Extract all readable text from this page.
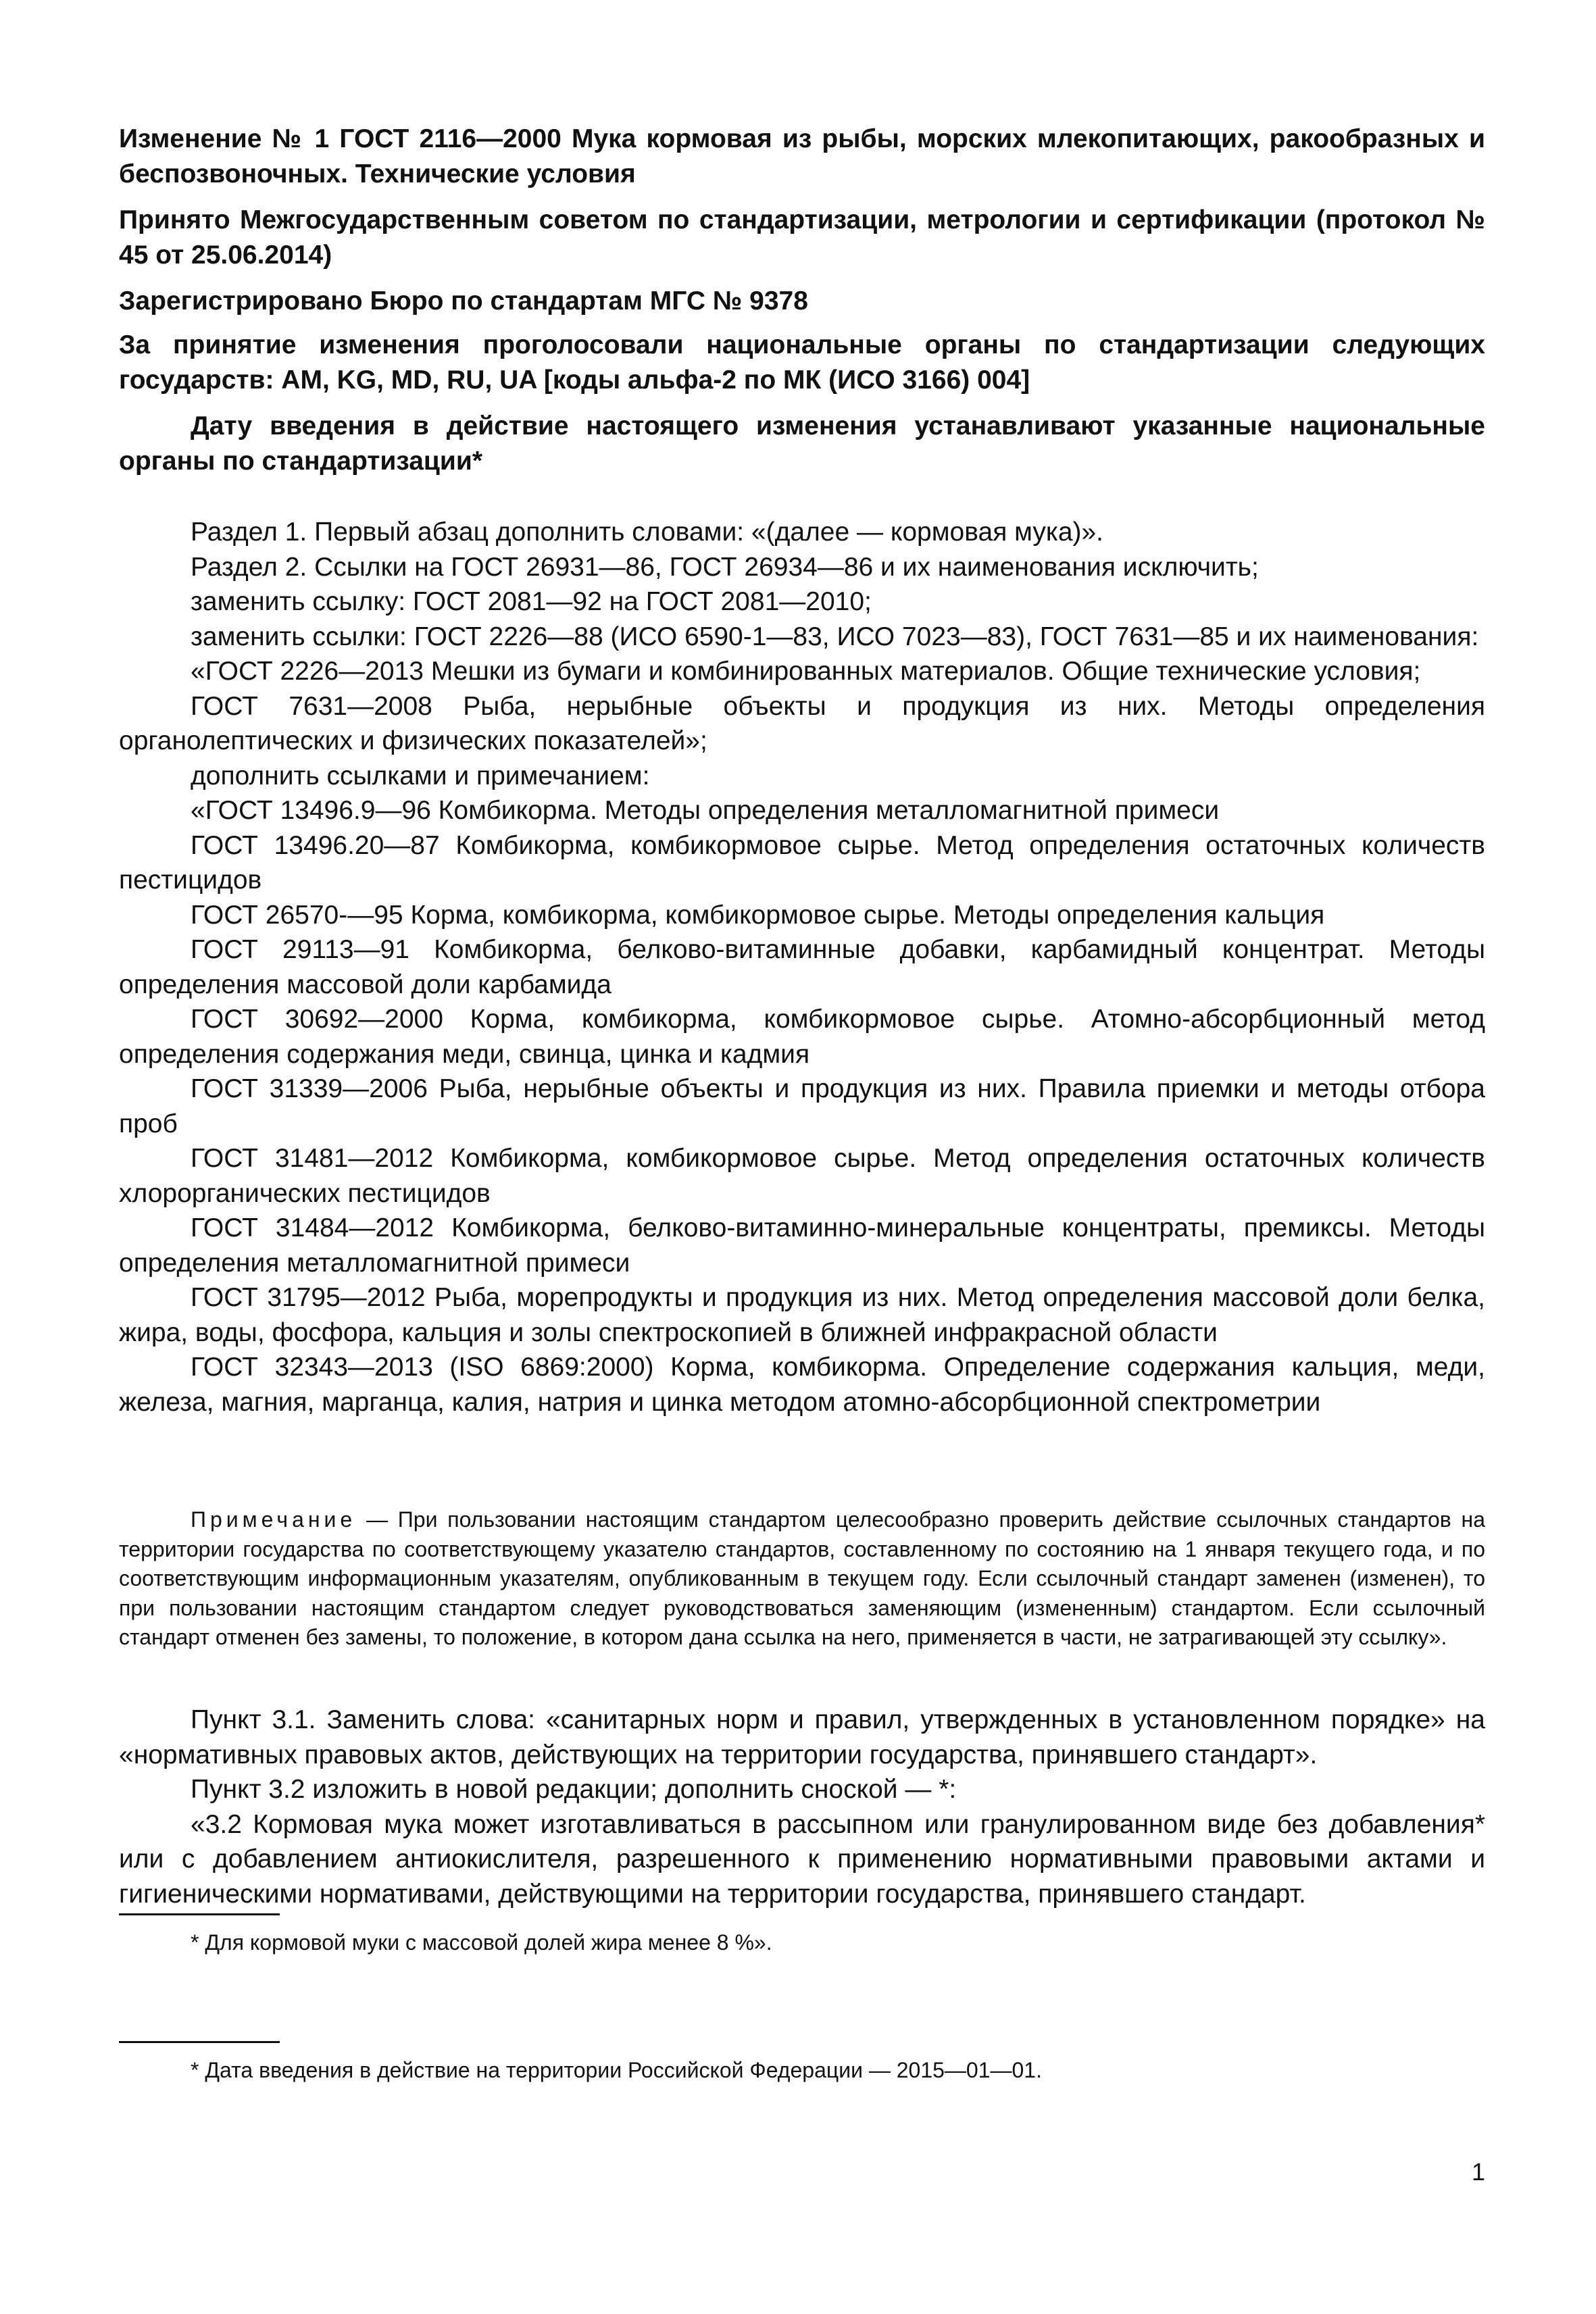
Изменение № 1 ГОСТ 2116—2000 Мука кормовая из рыбы, морских млекопитающих, ракообразных и беспозвоночных. Технические условия

Принято Межгосударственным советом по стандартизации, метрологии и сертификации (протокол № 45 от 25.06.2014)

Зарегистрировано Бюро по стандартам МГС № 9378

За принятие изменения проголосовали национальные органы по стандартизации следующих государств: AM, KG, MD, RU, UA [коды альфа-2 по МК (ИСО 3166) 004]

Дату введения в действие настоящего изменения устанавливают указанные национальные органы по стандартизации*

Раздел 1. Первый абзац дополнить словами: «(далее — кормовая мука)».

Раздел 2. Ссылки на ГОСТ 26931—86, ГОСТ 26934—86 и их наименования исключить;

заменить ссылку: ГОСТ 2081—92 на ГОСТ 2081—2010;

заменить ссылки: ГОСТ 2226—88 (ИСО 6590-1—83, ИСО 7023—83), ГОСТ 7631—85 и их наименования:

«ГОСТ 2226—2013 Мешки из бумаги и комбинированных материалов. Общие технические условия;

ГОСТ 7631—2008 Рыба, нерыбные объекты и продукция из них. Методы определения органолептических и физических показателей»;

дополнить ссылками и примечанием:

«ГОСТ 13496.9—96 Комбикорма. Методы определения металломагнитной примеси

ГОСТ 13496.20—87 Комбикорма, комбикормовое сырье. Метод определения остаточных количеств пестицидов

ГОСТ 26570-—95 Корма, комбикорма, комбикормовое сырье. Методы определения кальция

ГОСТ 29113—91 Комбикорма, белково-витаминные добавки, карбамидный концентрат. Методы определения массовой доли карбамида

ГОСТ 30692—2000 Корма, комбикорма, комбикормовое сырье. Атомно-абсорбционный метод определения содержания меди, свинца, цинка и кадмия

ГОСТ 31339—2006 Рыба, нерыбные объекты и продукция из них. Правила приемки и методы отбора проб

ГОСТ 31481—2012 Комбикорма, комбикормовое сырье. Метод определения остаточных количеств хлорорганических пестицидов

ГОСТ 31484—2012 Комбикорма, белково-витаминно-минеральные концентраты, премиксы. Методы определения металломагнитной примеси

ГОСТ 31795—2012 Рыба, морепродукты и продукция из них. Метод определения массовой доли белка, жира, воды, фосфора, кальция и золы спектроскопией в ближней инфракрасной области

ГОСТ 32343—2013 (ISO 6869:2000) Корма, комбикорма. Определение содержания кальция, меди, железа, магния, марганца, калия, натрия и цинка методом атомно-абсорбционной спектрометрии

Примечание — При пользовании настоящим стандартом целесообразно проверить действие ссылочных стандартов на территории государства по соответствующему указателю стандартов, составленному по состоянию на 1 января текущего года, и по соответствующим информационным указателям, опубликованным в текущем году. Если ссылочный стандарт заменен (изменен), то при пользовании настоящим стандартом следует руководствоваться заменяющим (измененным) стандартом. Если ссылочный стандарт отменен без замены, то положение, в котором дана ссылка на него, применяется в части, не затрагивающей эту ссылку».

Пункт 3.1. Заменить слова: «санитарных норм и правил, утвержденных в установленном порядке» на «нормативных правовых актов, действующих на территории государства, принявшего стандарт».

Пункт 3.2 изложить в новой редакции; дополнить сноской — *:

«3.2 Кормовая мука может изготавливаться в рассыпном или гранулированном виде без добавления* или с добавлением антиокислителя, разрешенного к применению нормативными правовыми актами и гигиеническими нормативами, действующими на территории государства, принявшего стандарт.

* Для кормовой муки с массовой долей жира менее 8 %».
* Дата введения в действие на территории Российской Федерации — 2015—01—01.
1
